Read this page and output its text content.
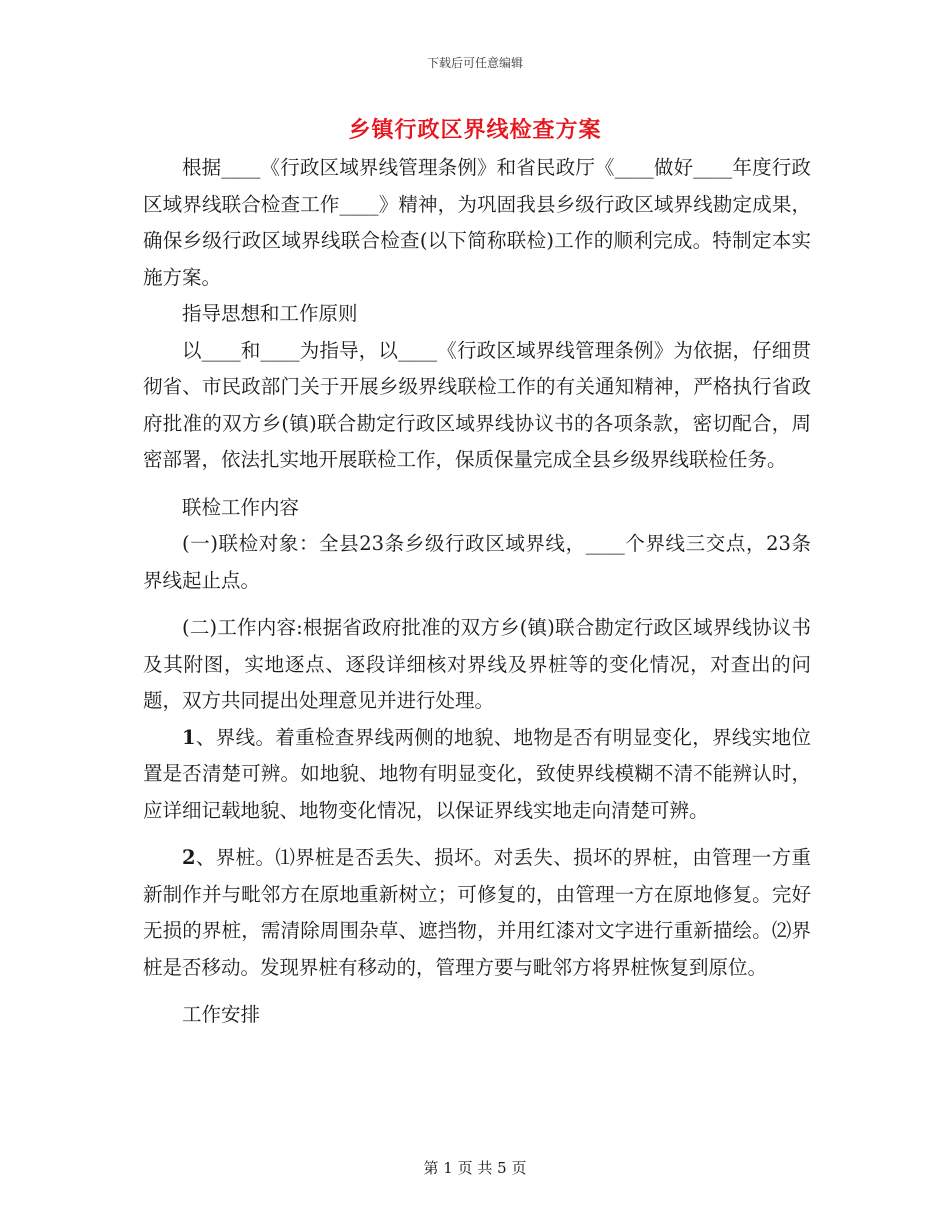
下载后可任意编辑
乡镇行政区界线检查方案

根据____《行政区域界线管理条例》和省民政厅《____做好____年度行政区域界线联合检查工作____》精神，为巩固我县乡级行政区域界线勘定成果，确保乡级行政区域界线联合检查(以下简称联检)工作的顺利完成。特制定本实施方案。

指导思想和工作原则

以____和____为指导，以____《行政区域界线管理条例》为依据，仔细贯彻省、市民政部门关于开展乡级界线联检工作的有关通知精神，严格执行省政府批准的双方乡(镇)联合勘定行政区域界线协议书的各项条款，密切配合，周密部署，依法扎实地开展联检工作，保质保量完成全县乡级界线联检任务。

联检工作内容

(一)联检对象：全县23条乡级行政区域界线，____个界线三交点，23条界线起止点。

(二)工作内容:根据省政府批准的双方乡(镇)联合勘定行政区域界线协议书及其附图，实地逐点、逐段详细核对界线及界桩等的变化情况，对查出的问题，双方共同提出处理意见并进行处理。

1、界线。着重检查界线两侧的地貌、地物是否有明显变化，界线实地位置是否清楚可辨。如地貌、地物有明显变化，致使界线模糊不清不能辨认时，应详细记载地貌、地物变化情况，以保证界线实地走向清楚可辨。

2、界桩。⑴界桩是否丢失、损坏。对丢失、损坏的界桩，由管理一方重新制作并与毗邻方在原地重新树立；可修复的，由管理一方在原地修复。完好无损的界桩，需清除周围杂草、遮挡物，并用红漆对文字进行重新描绘。⑵界桩是否移动。发现界桩有移动的，管理方要与毗邻方将界桩恢复到原位。

工作安排

第 1 页 共 5 页
